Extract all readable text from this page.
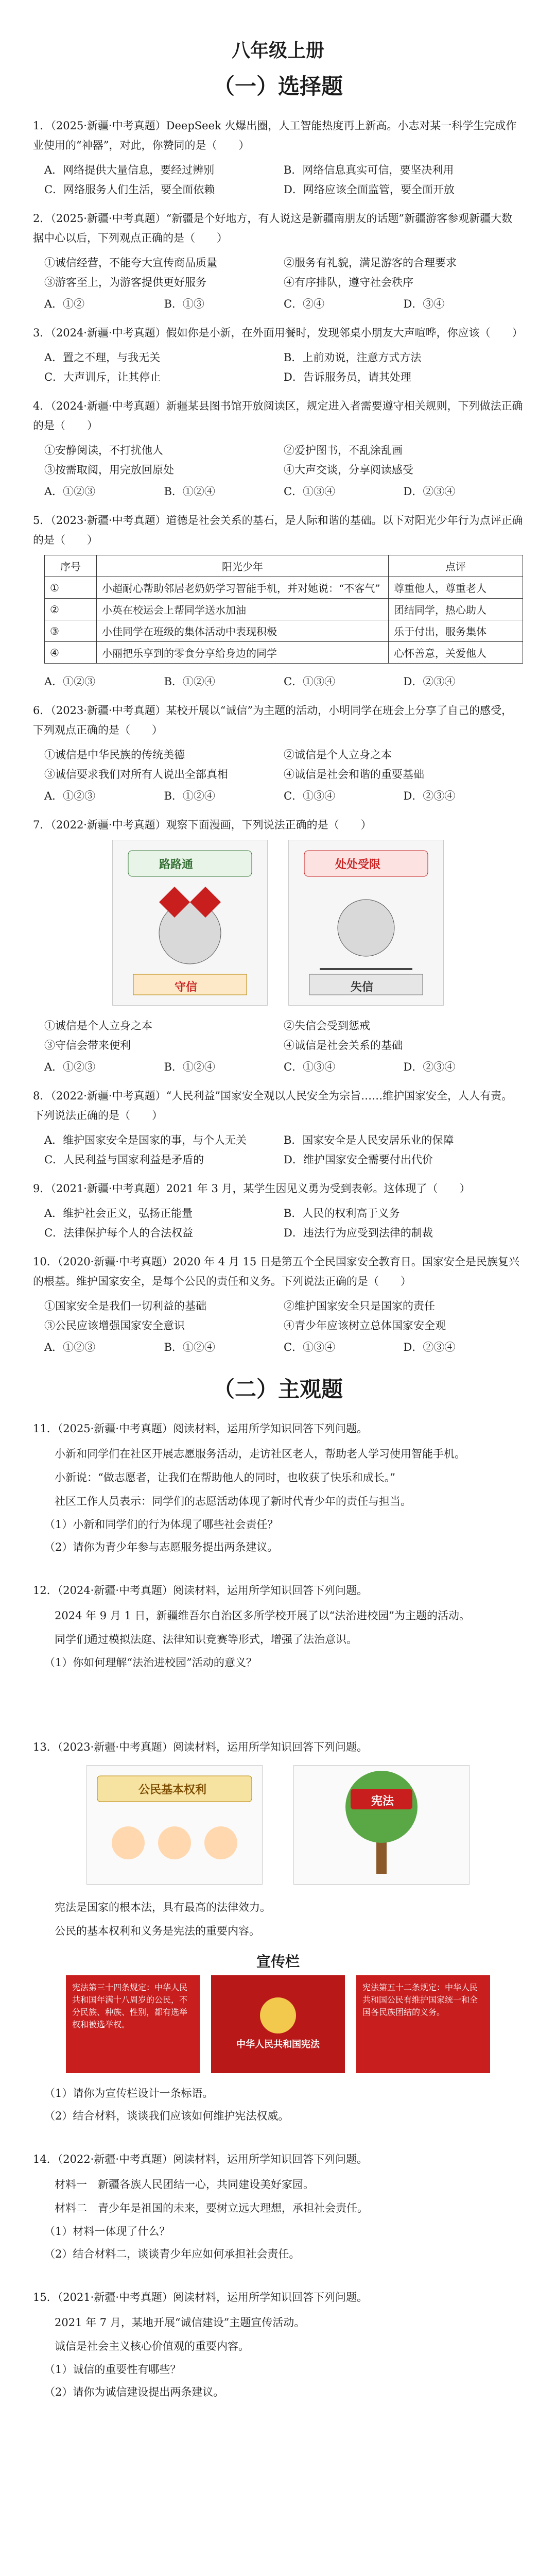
八年级上册
（一）选择题
1．（2025·新疆·中考真题）DeepSeek 火爆出圈，人工智能热度再上新高。小志对某一科学生完成作业使用的“神器”，对此，你赞同的是（　　）
A．网络提供大量信息，要经过辨别	B．网络信息真实可信，要坚决利用
C．网络服务人们生活，要全面依赖	D．网络应该全面监管，要全面开放
2．（2025·新疆·中考真题）“新疆是个好地方，有人说这是新疆南朋友的话题”新疆游客参观新疆大数据中心以后，下列观点正确的是（　　）
①诚信经营，不能夸大宣传商品质量	②服务有礼貌，满足游客的合理要求
③游客至上，为游客提供更好服务	④有序排队，遵守社会秩序
A．①②	B．①③	C．②④	D．③④
3．（2024·新疆·中考真题）假如你是小新，在外面用餐时，发现邻桌小朋友大声喧哗，你应该（　　）
A．置之不理，与我无关	B．上前劝说，注意方式方法
C．大声训斥，让其停止	D．告诉服务员，请其处理
4．（2024·新疆·中考真题）新疆某县图书馆开放阅读区，规定进入者需要遵守相关规则，下列做法正确的是（　　）
①安静阅读，不打扰他人	②爱护图书，不乱涂乱画
③按需取阅，用完放回原处	④大声交谈，分享阅读感受
A．①②③	B．①②④	C．①③④	D．②③④
5．（2023·新疆·中考真题）道德是社会关系的基石，是人际和谐的基础。以下对阳光少年行为点评正确的是（　　）
序号	阳光少年	点评
①	小超耐心帮助邻居老奶奶学习智能手机，并对她说：“不客气”	尊重他人，尊重老人
②	小英在校运会上帮同学送水加油	团结同学，热心助人
③	小佳同学在班级的集体活动中表现积极	乐于付出，服务集体
④	小丽把乐享到的零食分享给身边的同学	心怀善意，关爱他人
A．①②③	B．①②④	C．①③④	D．②③④
6．（2023·新疆·中考真题）某校开展以“诚信”为主题的活动，小明同学在班会上分享了自己的感受，下列观点正确的是（　　）
①诚信是中华民族的传统美德	②诚信是个人立身之本
③诚信要求我们对所有人说出全部真相	④诚信是社会和谐的重要基础
A．①②③	B．①②④	C．①③④	D．②③④
7．（2022·新疆·中考真题）观察下面漫画，下列说法正确的是（　　）
路路通
守信
处处受限
失信
①诚信是个人立身之本	②失信会受到惩戒
③守信会带来便利	④诚信是社会关系的基础
A．①②③	B．①②④	C．①③④	D．②③④
8．（2022·新疆·中考真题）“人民利益”国家安全观以人民安全为宗旨……维护国家安全，人人有责。下列说法正确的是（　　）
A．维护国家安全是国家的事，与个人无关	B．国家安全是人民安居乐业的保障
C．人民利益与国家利益是矛盾的	D．维护国家安全需要付出代价
9．（2021·新疆·中考真题）2021 年 3 月，某学生因见义勇为受到表彰。这体现了（　　）
A．维护社会正义，弘扬正能量	B．人民的权利高于义务
C．法律保护每个人的合法权益	D．违法行为应受到法律的制裁
10．（2020·新疆·中考真题）2020 年 4 月 15 日是第五个全民国家安全教育日。国家安全是民族复兴的根基。维护国家安全，是每个公民的责任和义务。下列说法正确的是（　　）
①国家安全是我们一切利益的基础	②维护国家安全只是国家的责任
③公民应该增强国家安全意识	④青少年应该树立总体国家安全观
A．①②③	B．①②④	C．①③④	D．②③④
（二）主观题
11．（2025·新疆·中考真题）阅读材料，运用所学知识回答下列问题。
小新和同学们在社区开展志愿服务活动，走访社区老人，帮助老人学习使用智能手机。
小新说：“做志愿者，让我们在帮助他人的同时，也收获了快乐和成长。”
社区工作人员表示：同学们的志愿活动体现了新时代青少年的责任与担当。
（1）小新和同学们的行为体现了哪些社会责任？
（2）请你为青少年参与志愿服务提出两条建议。
12．（2024·新疆·中考真题）阅读材料，运用所学知识回答下列问题。
2024 年 9 月 1 日，新疆维吾尔自治区多所学校开展了以“法治进校园”为主题的活动。
同学们通过模拟法庭、法律知识竞赛等形式，增强了法治意识。
（1）你如何理解“法治进校园”活动的意义？
13．（2023·新疆·中考真题）阅读材料，运用所学知识回答下列问题。
公民基本权利
宪法
宪法是国家的根本法，具有最高的法律效力。
公民的基本权利和义务是宪法的重要内容。
宣传栏
宪法第三十四条规定：中华人民共和国年满十八周岁的公民，不分民族、种族、性别，都有选举权和被选举权。
中华人民共和国宪法
宪法第五十二条规定：中华人民共和国公民有维护国家统一和全国各民族团结的义务。
（1）请你为宣传栏设计一条标语。
（2）结合材料，谈谈我们应该如何维护宪法权威。
14．（2022·新疆·中考真题）阅读材料，运用所学知识回答下列问题。
材料一　新疆各族人民团结一心，共同建设美好家园。
材料二　青少年是祖国的未来，要树立远大理想，承担社会责任。
（1）材料一体现了什么？
（2）结合材料二，谈谈青少年应如何承担社会责任。
15．（2021·新疆·中考真题）阅读材料，运用所学知识回答下列问题。
2021 年 7 月，某地开展“诚信建设”主题宣传活动。
诚信是社会主义核心价值观的重要内容。
（1）诚信的重要性有哪些？
（2）请你为诚信建设提出两条建议。
